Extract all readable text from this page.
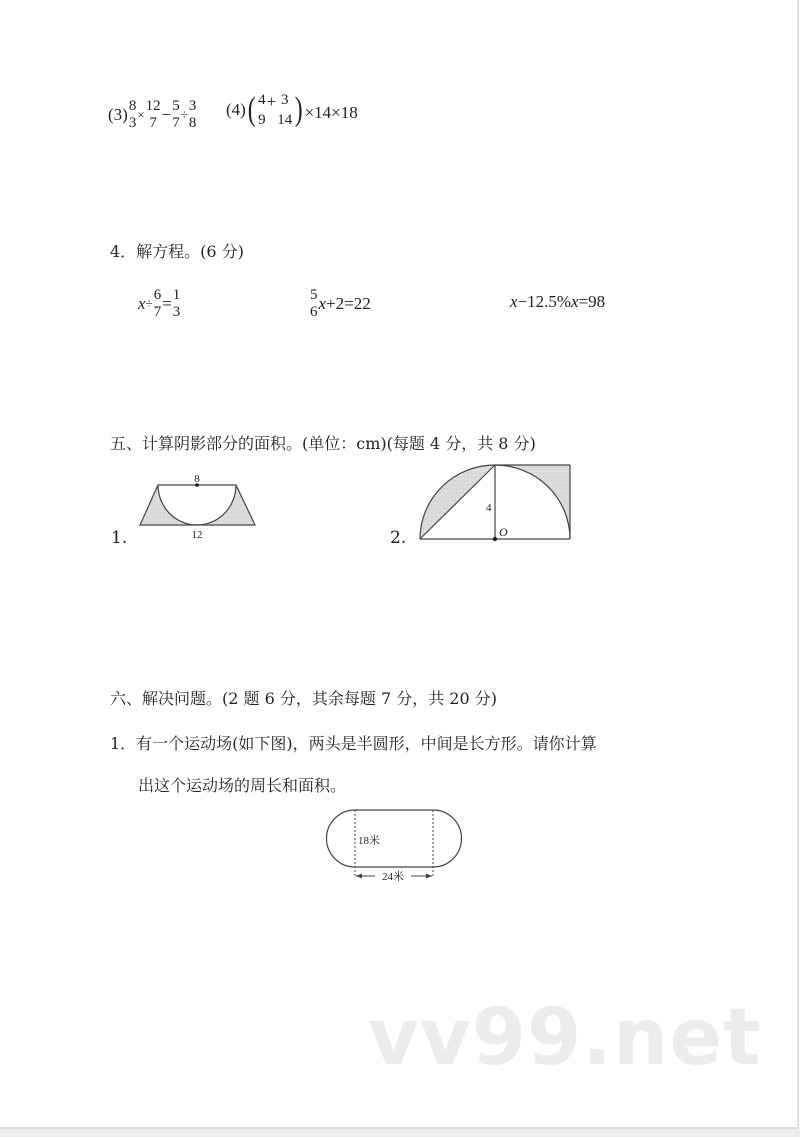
(3) 8
3
×
12
7 − 5
7
÷
3
8
(4) ( 4
9
+ 3
14 ) ×14×18
4．解方程。(6 分)
x ÷
6
7 = 1
3
5
6 x +2=22	x −12.5% x =98
五、计算阴影部分的面积。(单位：cm)(每题 4 分，共 8 分)
1.
8
12	2.
4
O
六、解决问题。(2 题 6 分，其余每题 7 分，共 20 分)
1．有一个运动场(如下图)，两头是半圆形，中间是长方形。请你计算
出这个运动场的周长和面积。
24米
18米
vv99.net
